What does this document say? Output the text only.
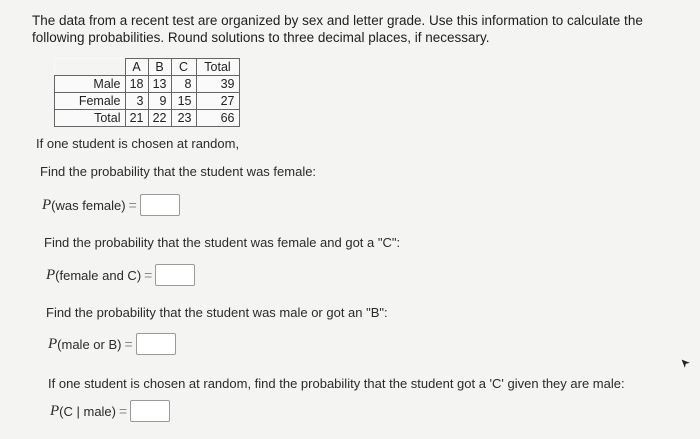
The data from a recent test are organized by sex and letter grade. Use this information to calculate the following probabilities. Round solutions to three decimal places, if necessary.
	A	B	C	Total
Male	18	13	8	39
Female	3	9	15	27
Total	21	22	23	66
If one student is chosen at random,
Find the probability that the student was female:
P (was female) =
Find the probability that the student was female and got a "C":
P (female and C) =
Find the probability that the student was male or got an "B":
P (male or B) =
If one student is chosen at random, find the probability that the student got a 'C' given they are male:
P (C | male) =
